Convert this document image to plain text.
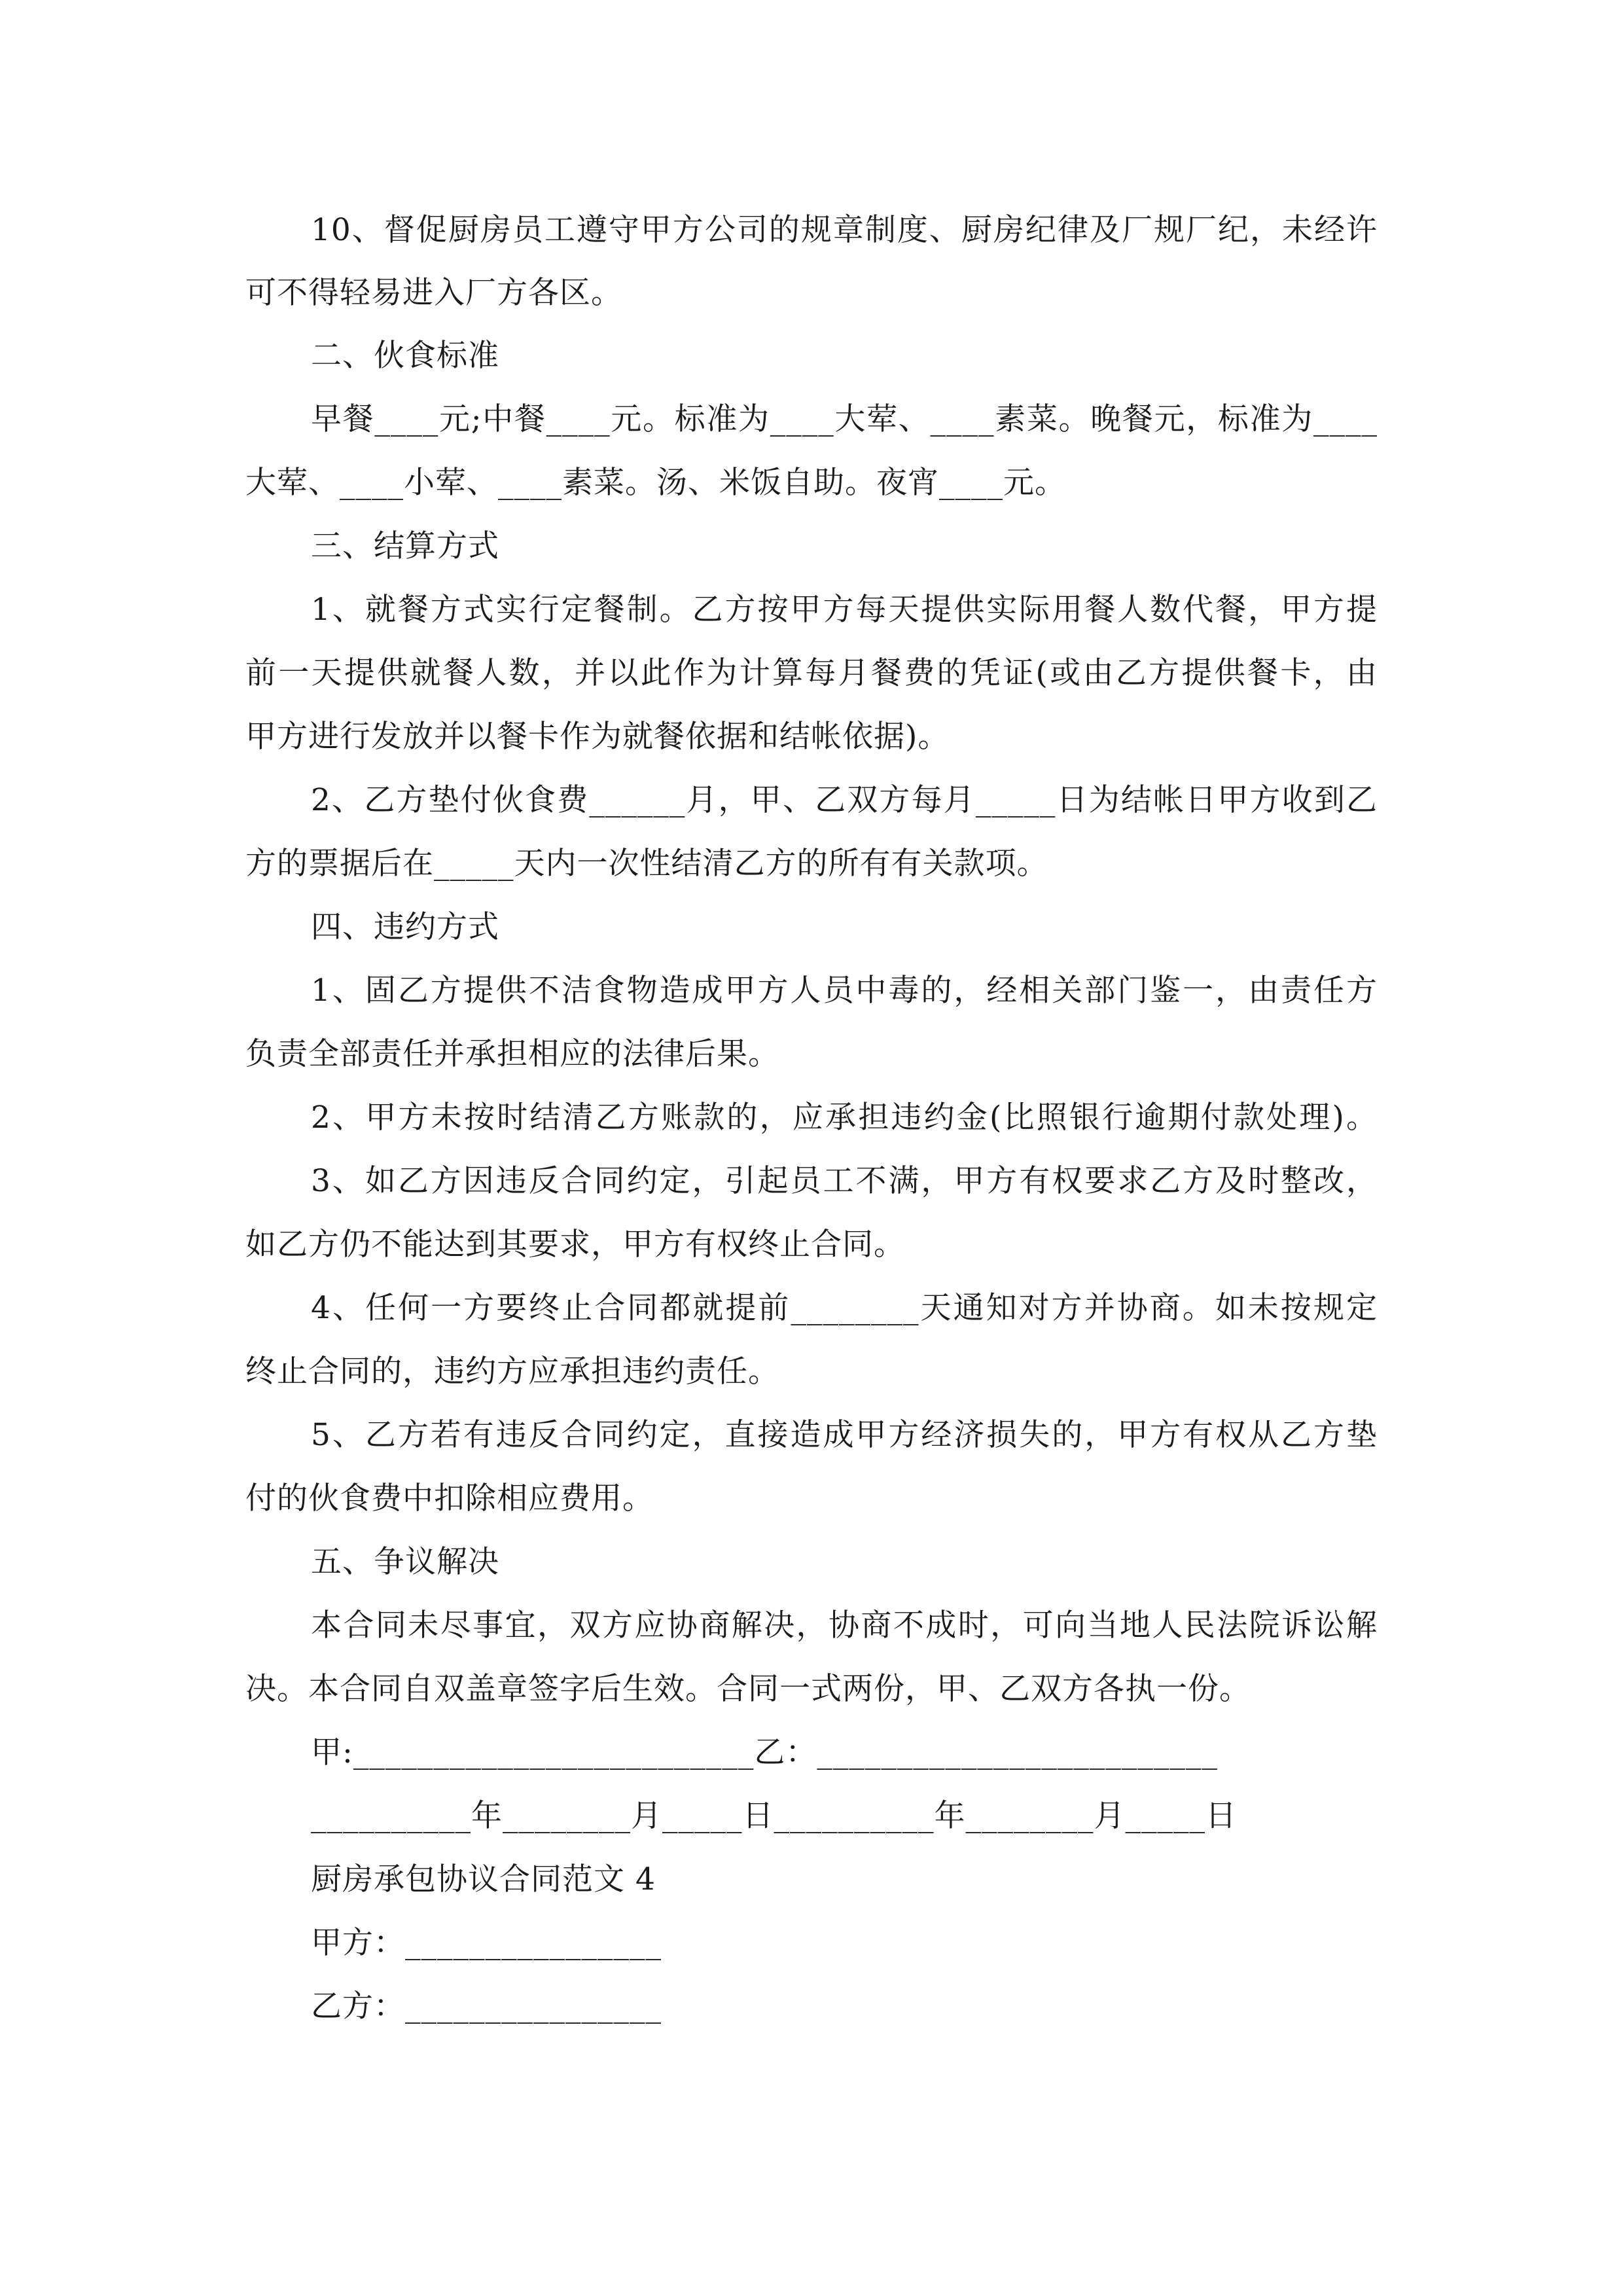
10、督促厨房员工遵守甲方公司的规章制度、厨房纪律及厂规厂纪，未经许
可不得轻易进入厂方各区。
二、伙食标准
早餐____元;中餐____元。标准为____大荤、____素菜。晚餐元，标准为____
大荤、____小荤、____素菜。汤、米饭自助。夜宵____元。
三、结算方式
1、就餐方式实行定餐制。乙方按甲方每天提供实际用餐人数代餐，甲方提
前一天提供就餐人数，并以此作为计算每月餐费的凭证(或由乙方提供餐卡，由
甲方进行发放并以餐卡作为就餐依据和结帐依据)。
2、乙方垫付伙食费______月，甲、乙双方每月_____日为结帐日甲方收到乙
方的票据后在_____天内一次性结清乙方的所有有关款项。
四、违约方式
1、固乙方提供不洁食物造成甲方人员中毒的，经相关部门鉴一，由责任方
负责全部责任并承担相应的法律后果。
2、甲方未按时结清乙方账款的，应承担违约金(比照银行逾期付款处理)。
3、如乙方因违反合同约定，引起员工不满，甲方有权要求乙方及时整改，
如乙方仍不能达到其要求，甲方有权终止合同。
4、任何一方要终止合同都就提前________天通知对方并协商。如未按规定
终止合同的，违约方应承担违约责任。
5、乙方若有违反合同约定，直接造成甲方经济损失的，甲方有权从乙方垫
付的伙食费中扣除相应费用。
五、争议解决
本合同未尽事宜，双方应协商解决，协商不成时，可向当地人民法院诉讼解
决。本合同自双盖章签字后生效。合同一式两份，甲、乙双方各执一份。
甲:_________________________乙：_________________________
__________年________月_____日__________年________月_____日
厨房承包协议合同范文 4
甲方：________________
乙方：________________
